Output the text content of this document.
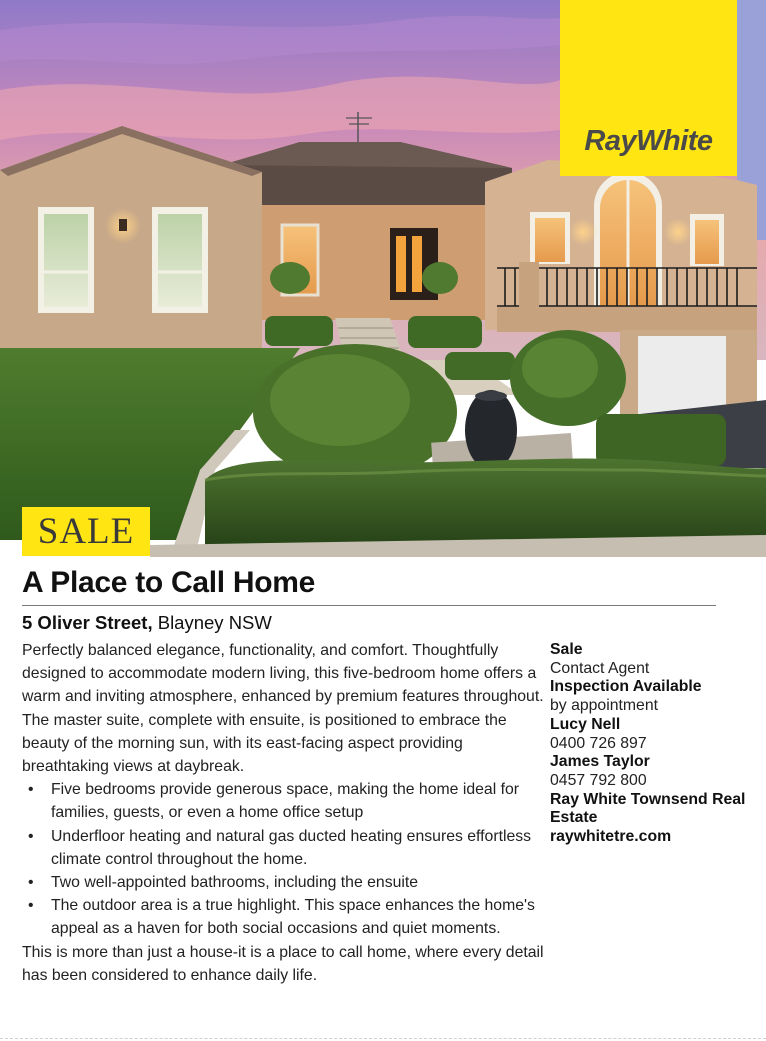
RayWhite
SALE
A Place to Call Home
5 Oliver Street, Blayney NSW

Perfectly balanced elegance, functionality, and comfort. Thoughtfully designed to accommodate modern living, this five-bedroom home offers a warm and inviting atmosphere, enhanced by premium features throughout. The master suite, complete with ensuite, is positioned to embrace the beauty of the morning sun, with its east-facing aspect providing breathtaking views at daybreak.

• Five bedrooms provide generous space, making the home ideal for families, guests, or even a home office setup
• Underfloor heating and natural gas ducted heating ensures effortless climate control throughout the home.
• Two well-appointed bathrooms, including the ensuite
• The outdoor area is a true highlight. This space enhances the home's appeal as a haven for both social occasions and quiet moments.

This is more than just a house-it is a place to call home, where every detail has been considered to enhance daily life.

Sale
Contact Agent
Inspection Available
by appointment
Lucy Nell
0400 726 897
James Taylor
0457 792 800
Ray White Townsend Real Estate
raywhitetre.com
